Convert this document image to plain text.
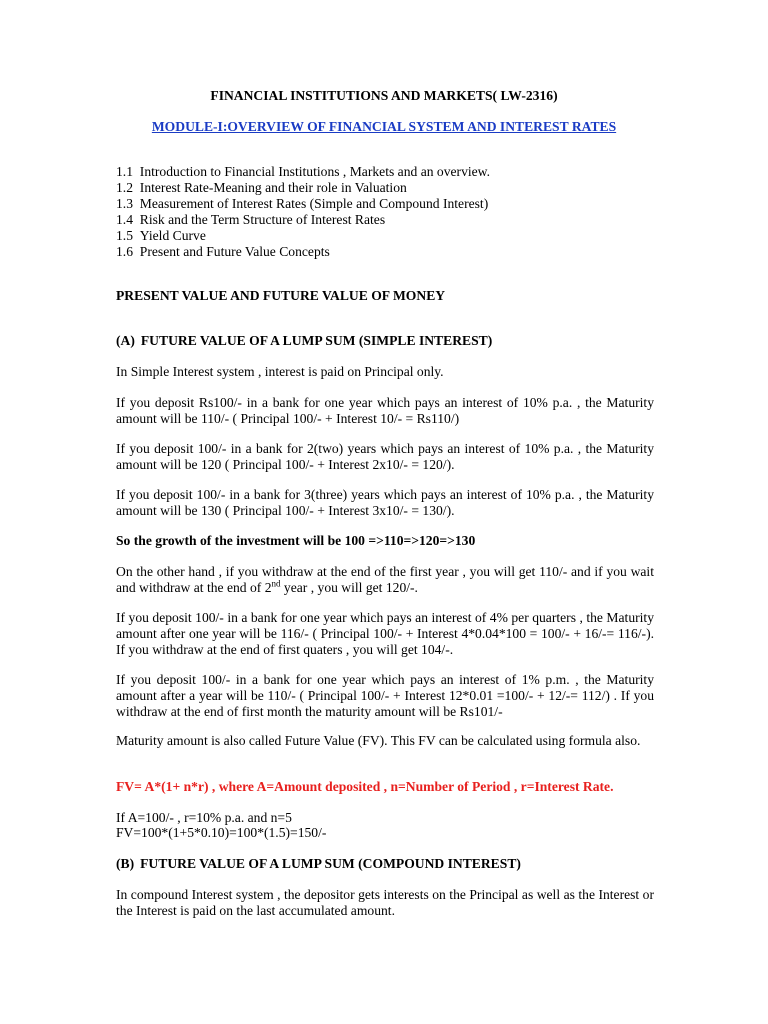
FINANCIAL INSTITUTIONS AND MARKETS( LW-2316)
MODULE-I:OVERVIEW OF FINANCIAL SYSTEM AND INTEREST RATES
1.1 Introduction to Financial Institutions , Markets and an overview.
1.2 Interest Rate-Meaning and their role in Valuation
1.3 Measurement of Interest Rates (Simple and Compound Interest)
1.4 Risk and the Term Structure of Interest Rates
1.5 Yield Curve
1.6 Present and Future Value Concepts
PRESENT VALUE AND FUTURE VALUE OF MONEY
(A) FUTURE VALUE OF A LUMP SUM (SIMPLE INTEREST)
In Simple Interest system , interest is paid on Principal only.
If you deposit Rs100/- in a bank for one year which pays an interest of 10% p.a. , the Maturity amount will be 110/- ( Principal 100/- + Interest 10/- = Rs110/)
If you deposit 100/- in a bank for 2(two) years which pays an interest of 10% p.a. , the Maturity amount will be 120 ( Principal 100/- + Interest 2x10/- = 120/).
If you deposit 100/- in a bank for 3(three) years which pays an interest of 10% p.a. , the Maturity amount will be 130 ( Principal 100/- + Interest 3x10/- = 130/).
So the growth of the investment will be 100 =>110=>120=>130
On the other hand , if you withdraw at the end of the first year , you will get 110/- and if you wait and withdraw at the end of 2nd year , you will get 120/-.
If you deposit 100/- in a bank for one year which pays an interest of 4% per quarters , the Maturity amount after one year will be 116/- ( Principal 100/- + Interest 4*0.04*100 = 100/- + 16/-= 116/-). If you withdraw at the end of first quaters , you will get 104/-.
If you deposit 100/- in a bank for one year which pays an interest of 1% p.m. , the Maturity amount after a year will be 110/- ( Principal 100/- + Interest 12*0.01 =100/- + 12/-= 112/) . If you withdraw at the end of first month the maturity amount will be Rs101/-
Maturity amount is also called Future Value (FV). This FV can be calculated using formula also.
FV= A*(1+ n*r) , where A=Amount deposited , n=Number of Period , r=Interest Rate.
If A=100/- , r=10% p.a. and n=5
FV=100*(1+5*0.10)=100*(1.5)=150/-
(B) FUTURE VALUE OF A LUMP SUM (COMPOUND INTEREST)
In compound Interest system , the depositor gets interests on the Principal as well as the Interest or the Interest is paid on the last accumulated amount.
